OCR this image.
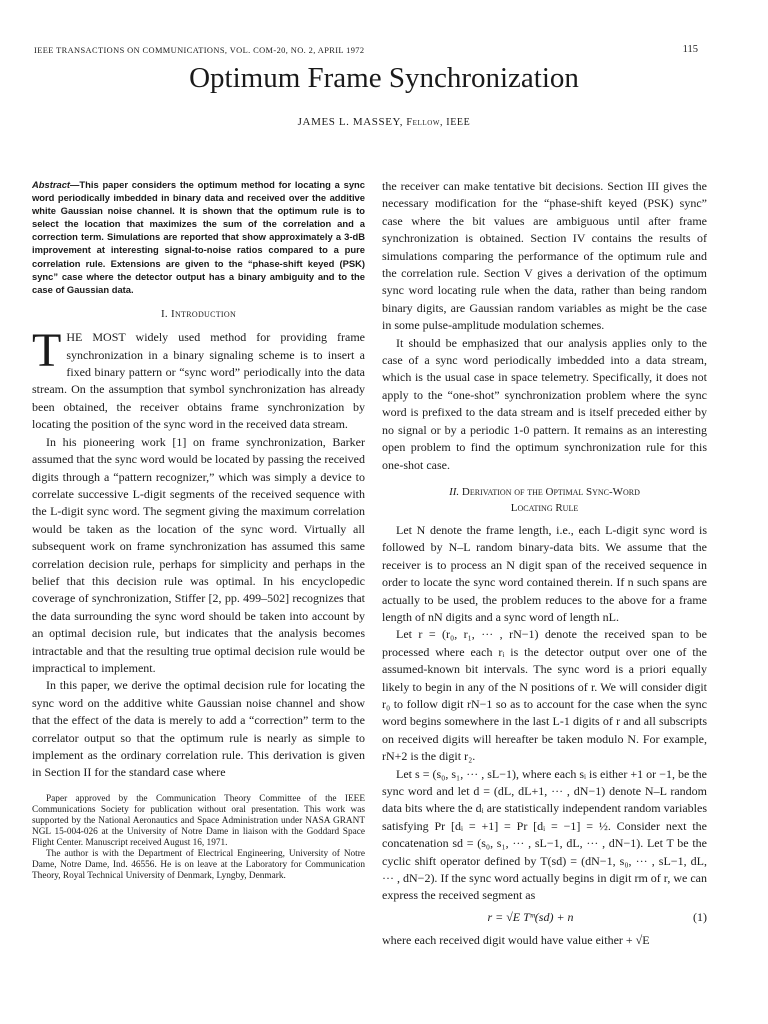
IEEE TRANSACTIONS ON COMMUNICATIONS, VOL. COM-20, NO. 2, APRIL 1972	115
Optimum Frame Synchronization
JAMES L. MASSEY, Fellow, IEEE
Abstract—This paper considers the optimum method for locating a sync word periodically imbedded in binary data and received over the additive white Gaussian noise channel. It is shown that the optimum rule is to select the location that maximizes the sum of the correlation and a correction term. Simulations are reported that show approximately a 3-dB improvement at interesting signal-to-noise ratios compared to a pure correlation rule. Extensions are given to the “phase-shift keyed (PSK) sync” case where the detector output has a binary ambiguity and to the case of Gaussian data.
I. Introduction
T HE MOST widely used method for providing frame synchronization in a binary signaling scheme is to insert a fixed binary pattern or “sync word” periodically into the data stream. On the assumption that symbol synchronization has already been obtained, the receiver obtains frame synchronization by locating the position of the sync word in the received data stream.

In his pioneering work [1] on frame synchronization, Barker assumed that the sync word would be located by passing the received digits through a “pattern recognizer,” which was simply a device to correlate successive L-digit segments of the received sequence with the L-digit sync word. The segment giving the maximum correlation would be taken as the location of the sync word. Virtually all subsequent work on frame synchronization has assumed this same correlation decision rule, perhaps for simplicity and perhaps in the belief that this decision rule was optimal. In his encyclopedic coverage of synchronization, Stiffer [2, pp. 499–502] recognizes that the data surrounding the sync word should be taken into account by an optimal decision rule, but indicates that the analysis becomes intractable and that the resulting true optimal decision rule would be impractical to implement.

In this paper, we derive the optimal decision rule for locating the sync word on the additive white Gaussian noise channel and show that the effect of the data is merely to add a “correction” term to the correlator output so that the optimum rule is nearly as simple to implement as the ordinary correlation rule. This derivation is given in Section II for the standard case where

Paper approved by the Communication Theory Committee of the IEEE Communications Society for publication without oral presentation. This work was supported by the National Aeronautics and Space Administration under NASA GRANT NGL 15-004-026 at the University of Notre Dame in liaison with the Goddard Space Flight Center. Manuscript received August 16, 1971.

The author is with the Department of Electrical Engineering, University of Notre Dame, Notre Dame, Ind. 46556. He is on leave at the Laboratory for Communication Theory, Royal Technical University of Denmark, Lyngby, Denmark.

the receiver can make tentative bit decisions. Section III gives the necessary modification for the “phase-shift keyed (PSK) sync” case where the bit values are ambiguous until after frame synchronization is obtained. Section IV contains the results of simulations comparing the performance of the optimum rule and the correlation rule. Section V gives a derivation of the optimum sync word locating rule when the data, rather than being random binary digits, are Gaussian random variables as might be the case in some pulse-amplitude modulation schemes.

It should be emphasized that our analysis applies only to the case of a sync word periodically imbedded into a data stream, which is the usual case in space telemetry. Specifically, it does not apply to the “one-shot” synchronization problem where the sync word is prefixed to the data stream and is itself preceded either by no signal or by a periodic 1-0 pattern. It remains as an interesting open problem to find the optimum synchronization rule for this one-shot case.

II. Derivation of the Optimal Sync-Word
Locating Rule

Let N denote the frame length, i.e., each L-digit sync word is followed by N–L random binary-data bits. We assume that the receiver is to process an N digit span of the received sequence in order to locate the sync word contained therein. If n such spans are actually to be used, the problem reduces to the above for a frame length of nN digits and a sync word of length nL.

Let r = (r₀, r₁, ··· , rN−1) denote the received span to be processed where each rᵢ is the detector output over one of the assumed-known bit intervals. The sync word is a priori equally likely to begin in any of the N positions of r. We will consider digit r₀ to follow digit rN−1 so as to account for the case when the sync word begins somewhere in the last L-1 digits of r and all subscripts on received digits will hereafter be taken modulo N. For example, rN+2 is the digit r₂.

Let s = (s₀, s₁, ··· , sL−1), where each sᵢ is either +1 or −1, be the sync word and let d = (dL, dL+1, ··· , dN−1) denote N–L random data bits where the dᵢ are statistically independent random variables satisfying Pr [dᵢ = +1] = Pr [dᵢ = −1] = ½. Consider next the concatenation sd = (s₀, s₁, ··· , sL−1, dL, ··· , dN−1). Let T be the cyclic shift operator defined by T(sd) = (dN−1, s₀, ··· , sL−1, dL, ··· , dN−2). If the sync word actually begins in digit rm of r, we can express the received segment as

r = √E Tᵐ(sd) + n	(1)

where each received digit would have value either + √E
